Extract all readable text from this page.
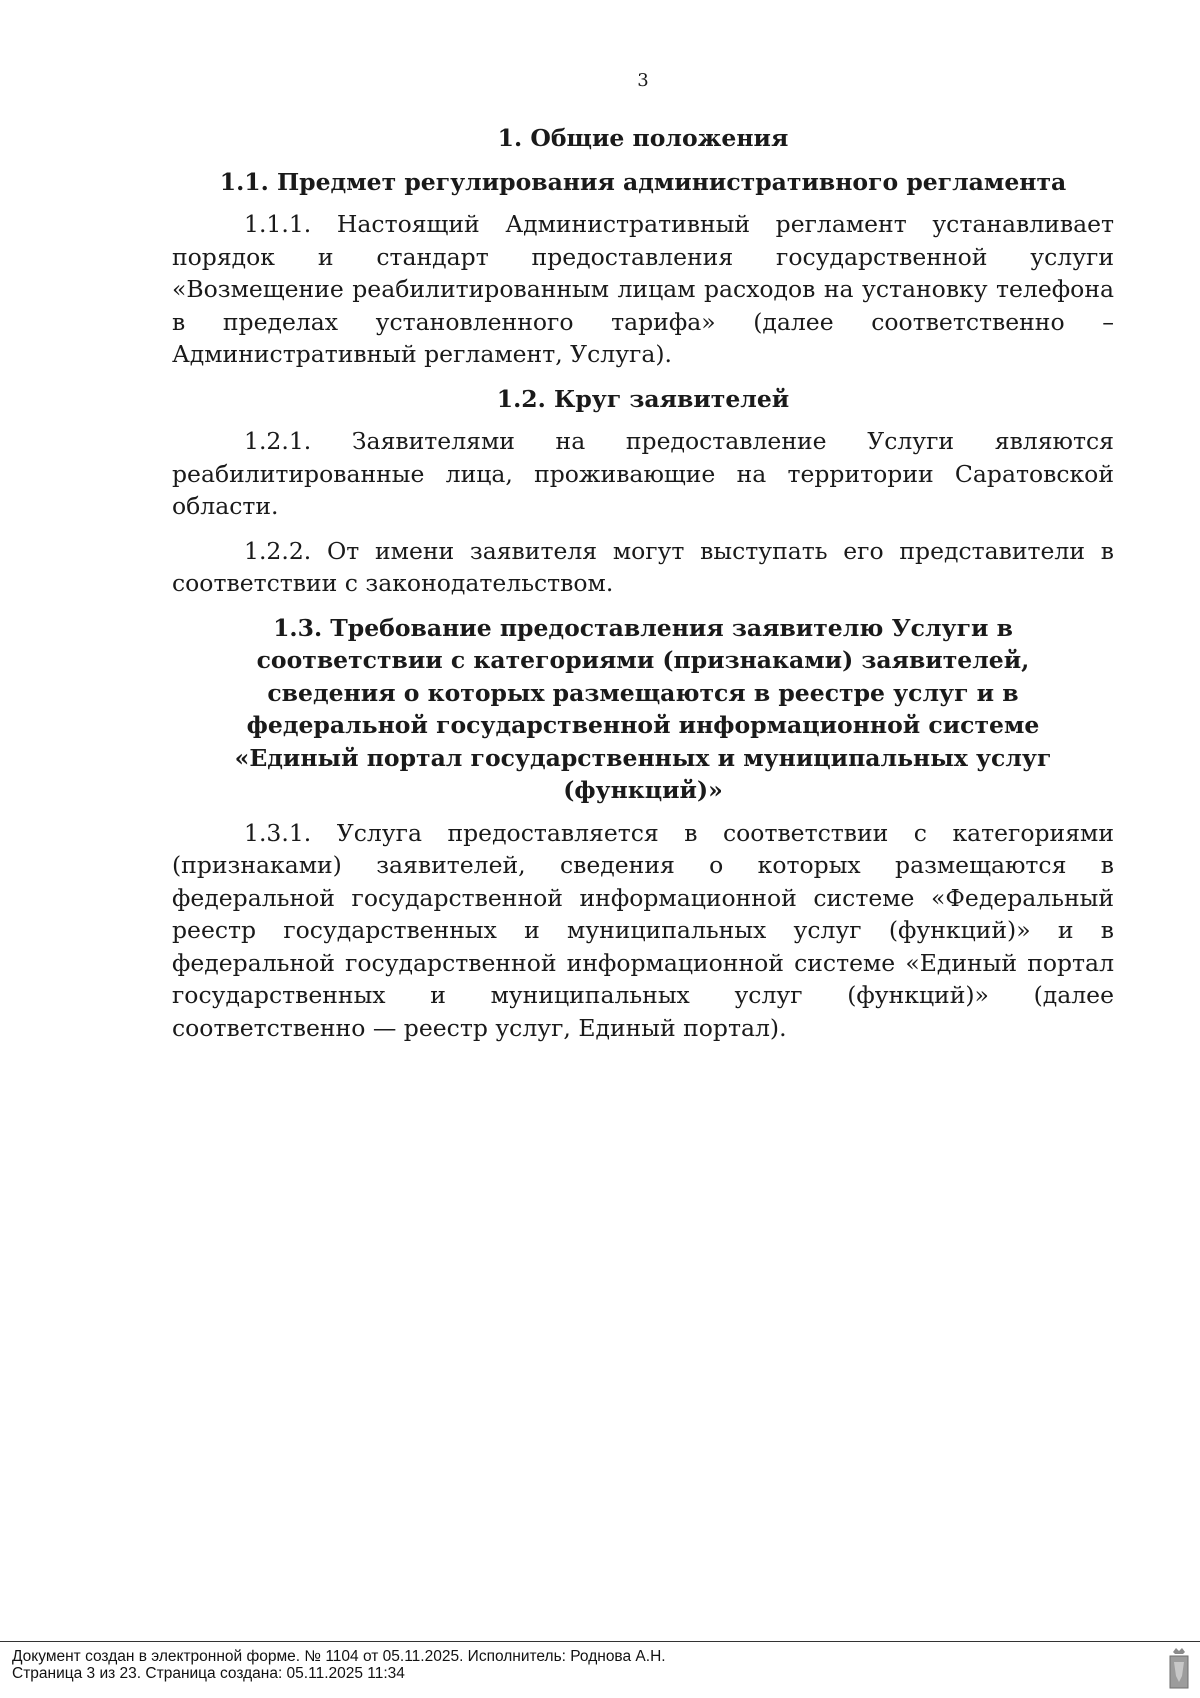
3
1. Общие положения
1.1. Предмет регулирования административного регламента

1.1.1. Настоящий Административный регламент устанавливает порядок и стандарт предоставления государственной услуги «Возмещение реабилитированным лицам расходов на установку телефона в пределах установленного тарифа» (далее соответственно – Административный регламент, Услуга).

1.2. Круг заявителей

1.2.1. Заявителями на предоставление Услуги являются реабилитированные лица, проживающие на территории Саратовской области.

1.2.2. От имени заявителя могут выступать его представители в соответствии с законодательством.

1.3. Требование предоставления заявителю Услуги в соответствии с категориями (признаками) заявителей, сведения о которых размещаются в реестре услуг и в федеральной государственной информационной системе «Единый портал государственных и муниципальных услуг (функций)»

1.3.1. Услуга предоставляется в соответствии с категориями (признаками) заявителей, сведения о которых размещаются в федеральной государственной информационной системе «Федеральный реестр государственных и муниципальных услуг (функций)» и в федеральной государственной информационной системе «Единый портал государственных и муниципальных услуг (функций)» (далее соответственно — реестр услуг, Единый портал).

Документ создан в электронной форме. № 1104 от 05.11.2025. Исполнитель: Роднова А.Н.
Страница 3 из 23. Страница создана: 05.11.2025 11:34
